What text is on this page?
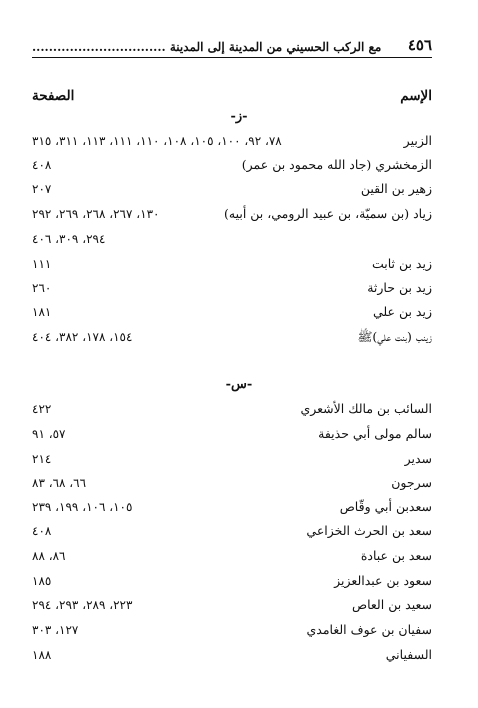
٤٥٦
مع الركب الحسيني من المدينة إلى المدينة ................................
الإسم
الصفحة
-ز-
الزبير
٧٨، ٩٢، ١٠٠، ١٠٥، ١٠٨، ١١٠، ١١١، ١١٣، ٣١١، ٣١٥
الزمخشري (جاد الله محمود بن عمر)
٤٠٨
زهير بن القين
٢٠٧
زياد (بن سميّة، بن عبيد الرومي، بن أبيه)
١٣٠، ٢٦٧، ٢٦٨، ٢٦٩، ٢٩٢
٢٩٤، ٣٠٩، ٤٠٦
زيد بن ثابت
١١١
زيد بن حارثة
٢٦٠
زيد بن علي
١٨١
زينب (بنت علي)ﷺ
١٥٤، ١٧٨، ٣٨٢، ٤٠٤
-س-
السائب بن مالك الأشعري
٤٢٢
سالم مولى أبي حذيفة
٥٧، ٩١
سدير
٢١٤
سرجون
٦٦، ٦٨، ٨٣
سعدبن أبي وقّاص
١٠٥، ١٠٦، ١٩٩، ٢٣٩
سعد بن الحرث الخزاعي
٤٠٨
سعد بن عبادة
٨٦، ٨٨
سعود بن عبدالعزيز
١٨٥
سعيد بن العاص
٢٢٣، ٢٨٩، ٢٩٣، ٢٩٤
سفيان بن عوف الغامدي
١٢٧، ٣٠٣
السفياني
١٨٨
